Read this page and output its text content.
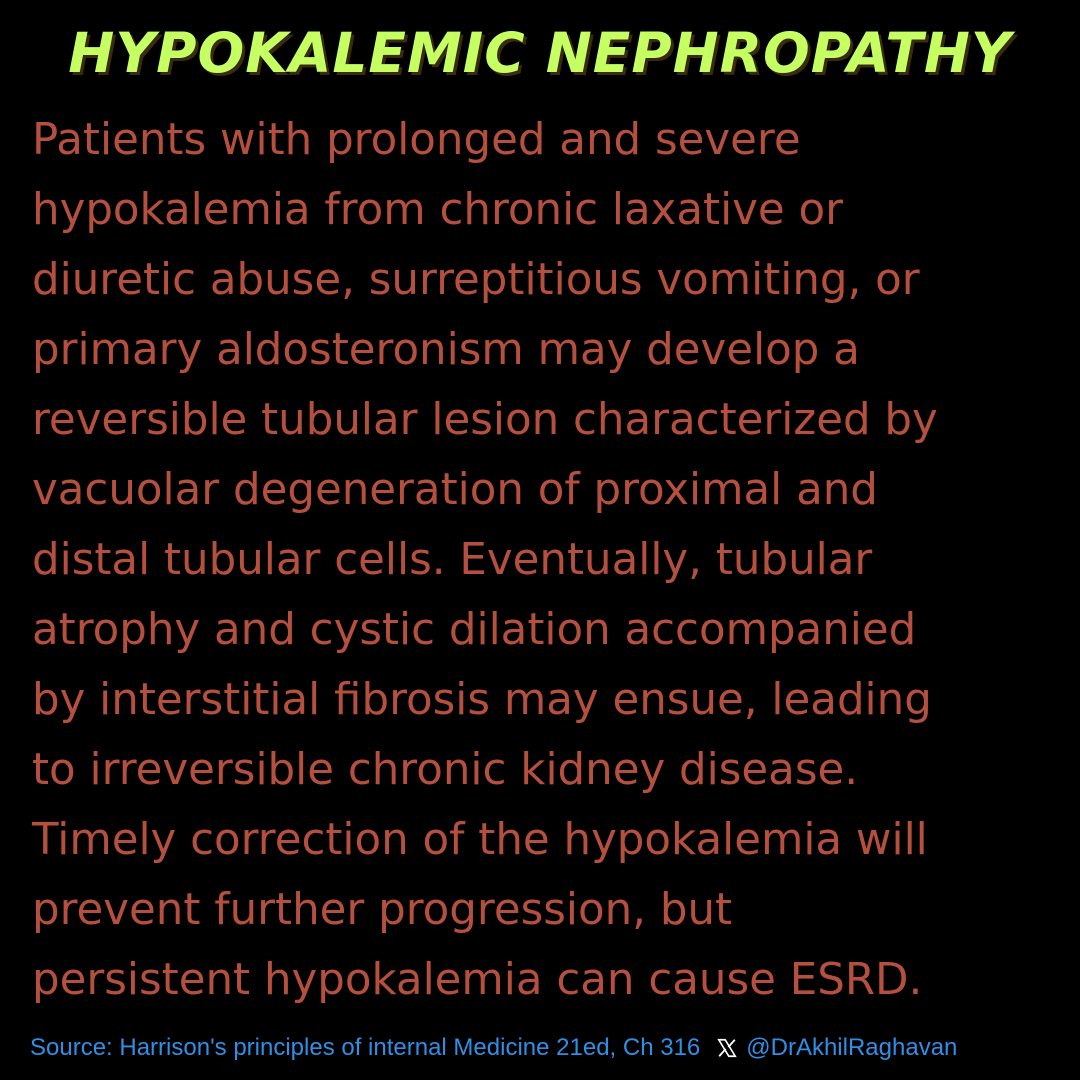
HYPOKALEMIC NEPHROPATHY
Patients with prolonged and severe
hypokalemia from chronic laxative or
diuretic abuse, surreptitious vomiting, or
primary aldosteronism may develop a
reversible tubular lesion characterized by
vacuolar degeneration of proximal and
distal tubular cells. Eventually, tubular
atrophy and cystic dilation accompanied
by interstitial fibrosis may ensue, leading
to irreversible chronic kidney disease.
Timely correction of the hypokalemia will
prevent further progression, but
persistent hypokalemia can cause ESRD.
Source: Harrison's principles of internal Medicine 21ed, Ch 316 @DrAkhilRaghavan
